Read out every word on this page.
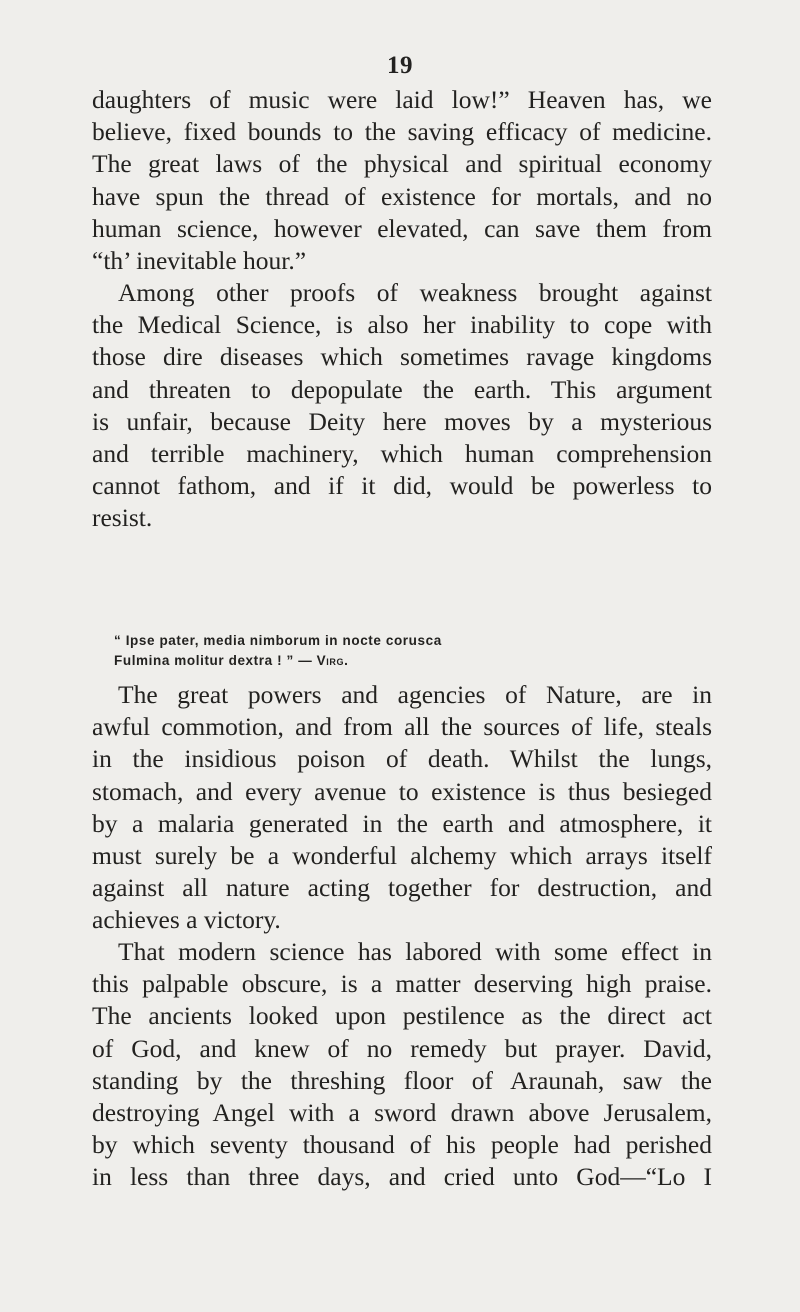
19
daughters of music were laid low!” Heaven has, we
believe, fixed bounds to the saving efficacy of medicine.
The great laws of the physical and spiritual economy
have spun the thread of existence for mortals, and no
human science, however elevated, can save them from
“th’ inevitable hour.”
Among other proofs of weakness brought against
the Medical Science, is also her inability to cope with
those dire diseases which sometimes ravage kingdoms
and threaten to depopulate the earth. This argument
is unfair, because Deity here moves by a mysterious
and terrible machinery, which human comprehension
cannot fathom, and if it did, would be powerless to
resist.
“ Ipse pater, media nimborum in nocte corusca
Fulmina molitur dextra ! ” — Virg.
The great powers and agencies of Nature, are in
awful commotion, and from all the sources of life, steals
in the insidious poison of death. Whilst the lungs,
stomach, and every avenue to existence is thus besieged
by a malaria generated in the earth and atmosphere, it
must surely be a wonderful alchemy which arrays itself
against all nature acting together for destruction, and
achieves a victory.
That modern science has labored with some effect in
this palpable obscure, is a matter deserving high praise.
The ancients looked upon pestilence as the direct act
of God, and knew of no remedy but prayer. David,
standing by the threshing floor of Araunah, saw the
destroying Angel with a sword drawn above Jerusalem,
by which seventy thousand of his people had perished
in less than three days, and cried unto God—“Lo I
